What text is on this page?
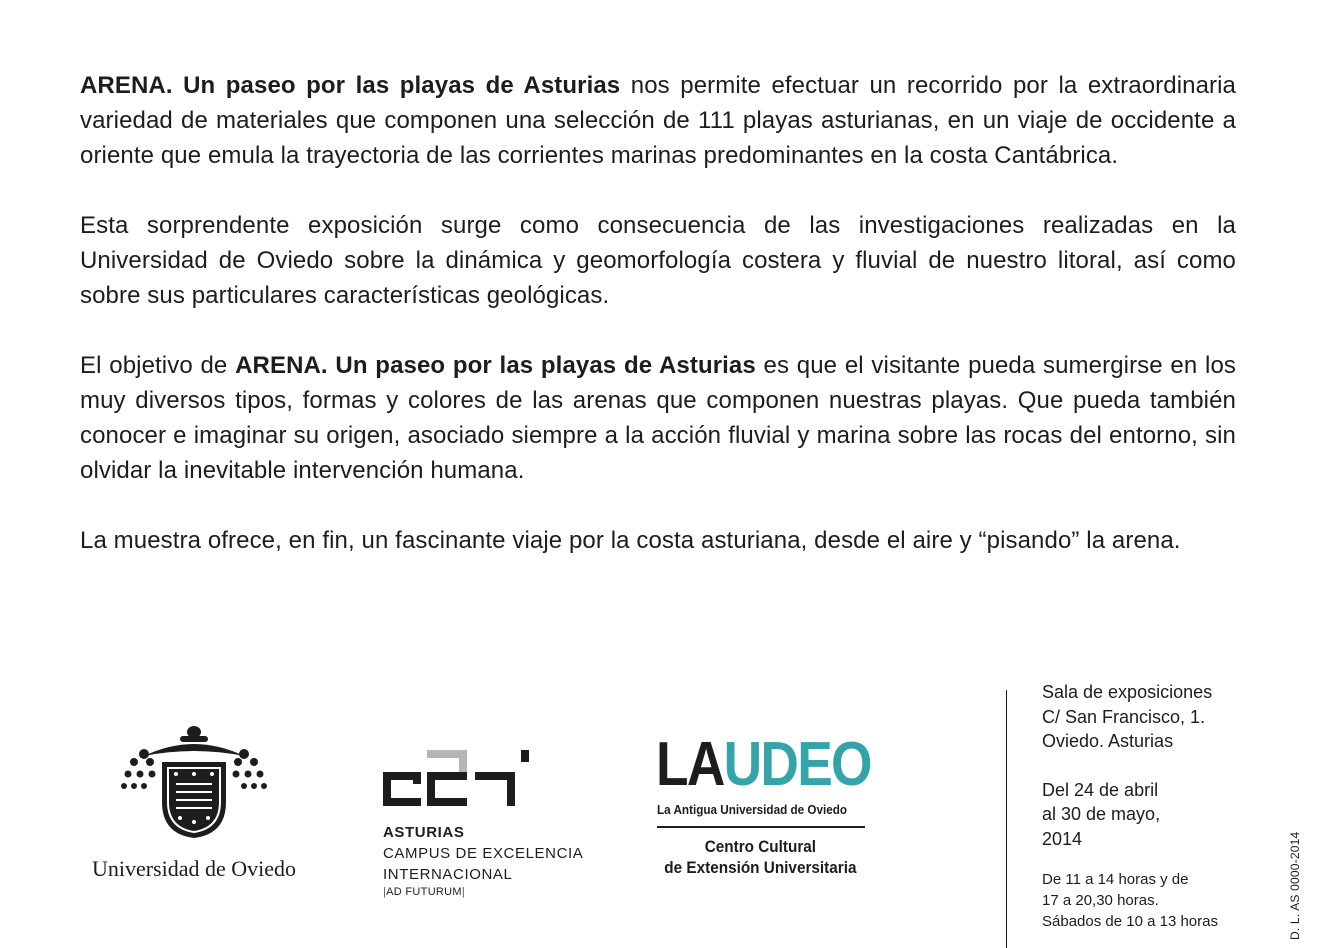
ARENA. Un paseo por las playas de Asturias nos permite efectuar un recorrido por la extraordinaria variedad de materiales que componen una selección de 111 playas asturianas, en un viaje de occidente a oriente que emula la trayectoria de las corrientes marinas predominantes en la costa Cantábrica.

Esta sorprendente exposición surge como consecuencia de las investigaciones realizadas en la Universidad de Oviedo sobre la dinámica y geomorfología costera y fluvial de nuestro litoral, así como sobre sus particulares características geológicas.

El objetivo de ARENA. Un paseo por las playas de Asturias es que el visitante pueda sumergirse en los muy diversos tipos, formas y colores de las arenas que componen nuestras playas. Que pueda también conocer e imaginar su origen, asociado siempre a la acción fluvial y marina sobre las rocas del entorno, sin olvidar la inevitable intervención humana.

La muestra ofrece, en fin, un fascinante viaje por la costa asturiana, desde el aire y “pisando” la arena.

Universidad de Oviedo
ASTURIAS
CAMPUS DE EXCELENCIA
INTERNACIONAL
|AD FUTURUM|
LAUDEO
La Antigua Universidad de Oviedo
Centro Cultural
de Extensión Universitaria
Sala de exposiciones
C/ San Francisco, 1.
Oviedo. Asturias
Del 24 de abril
al 30 de mayo,
2014
De 11 a 14 horas y de
17 a 20,30 horas.
Sábados de 10 a 13 horas	D. L. AS 0000-2014
